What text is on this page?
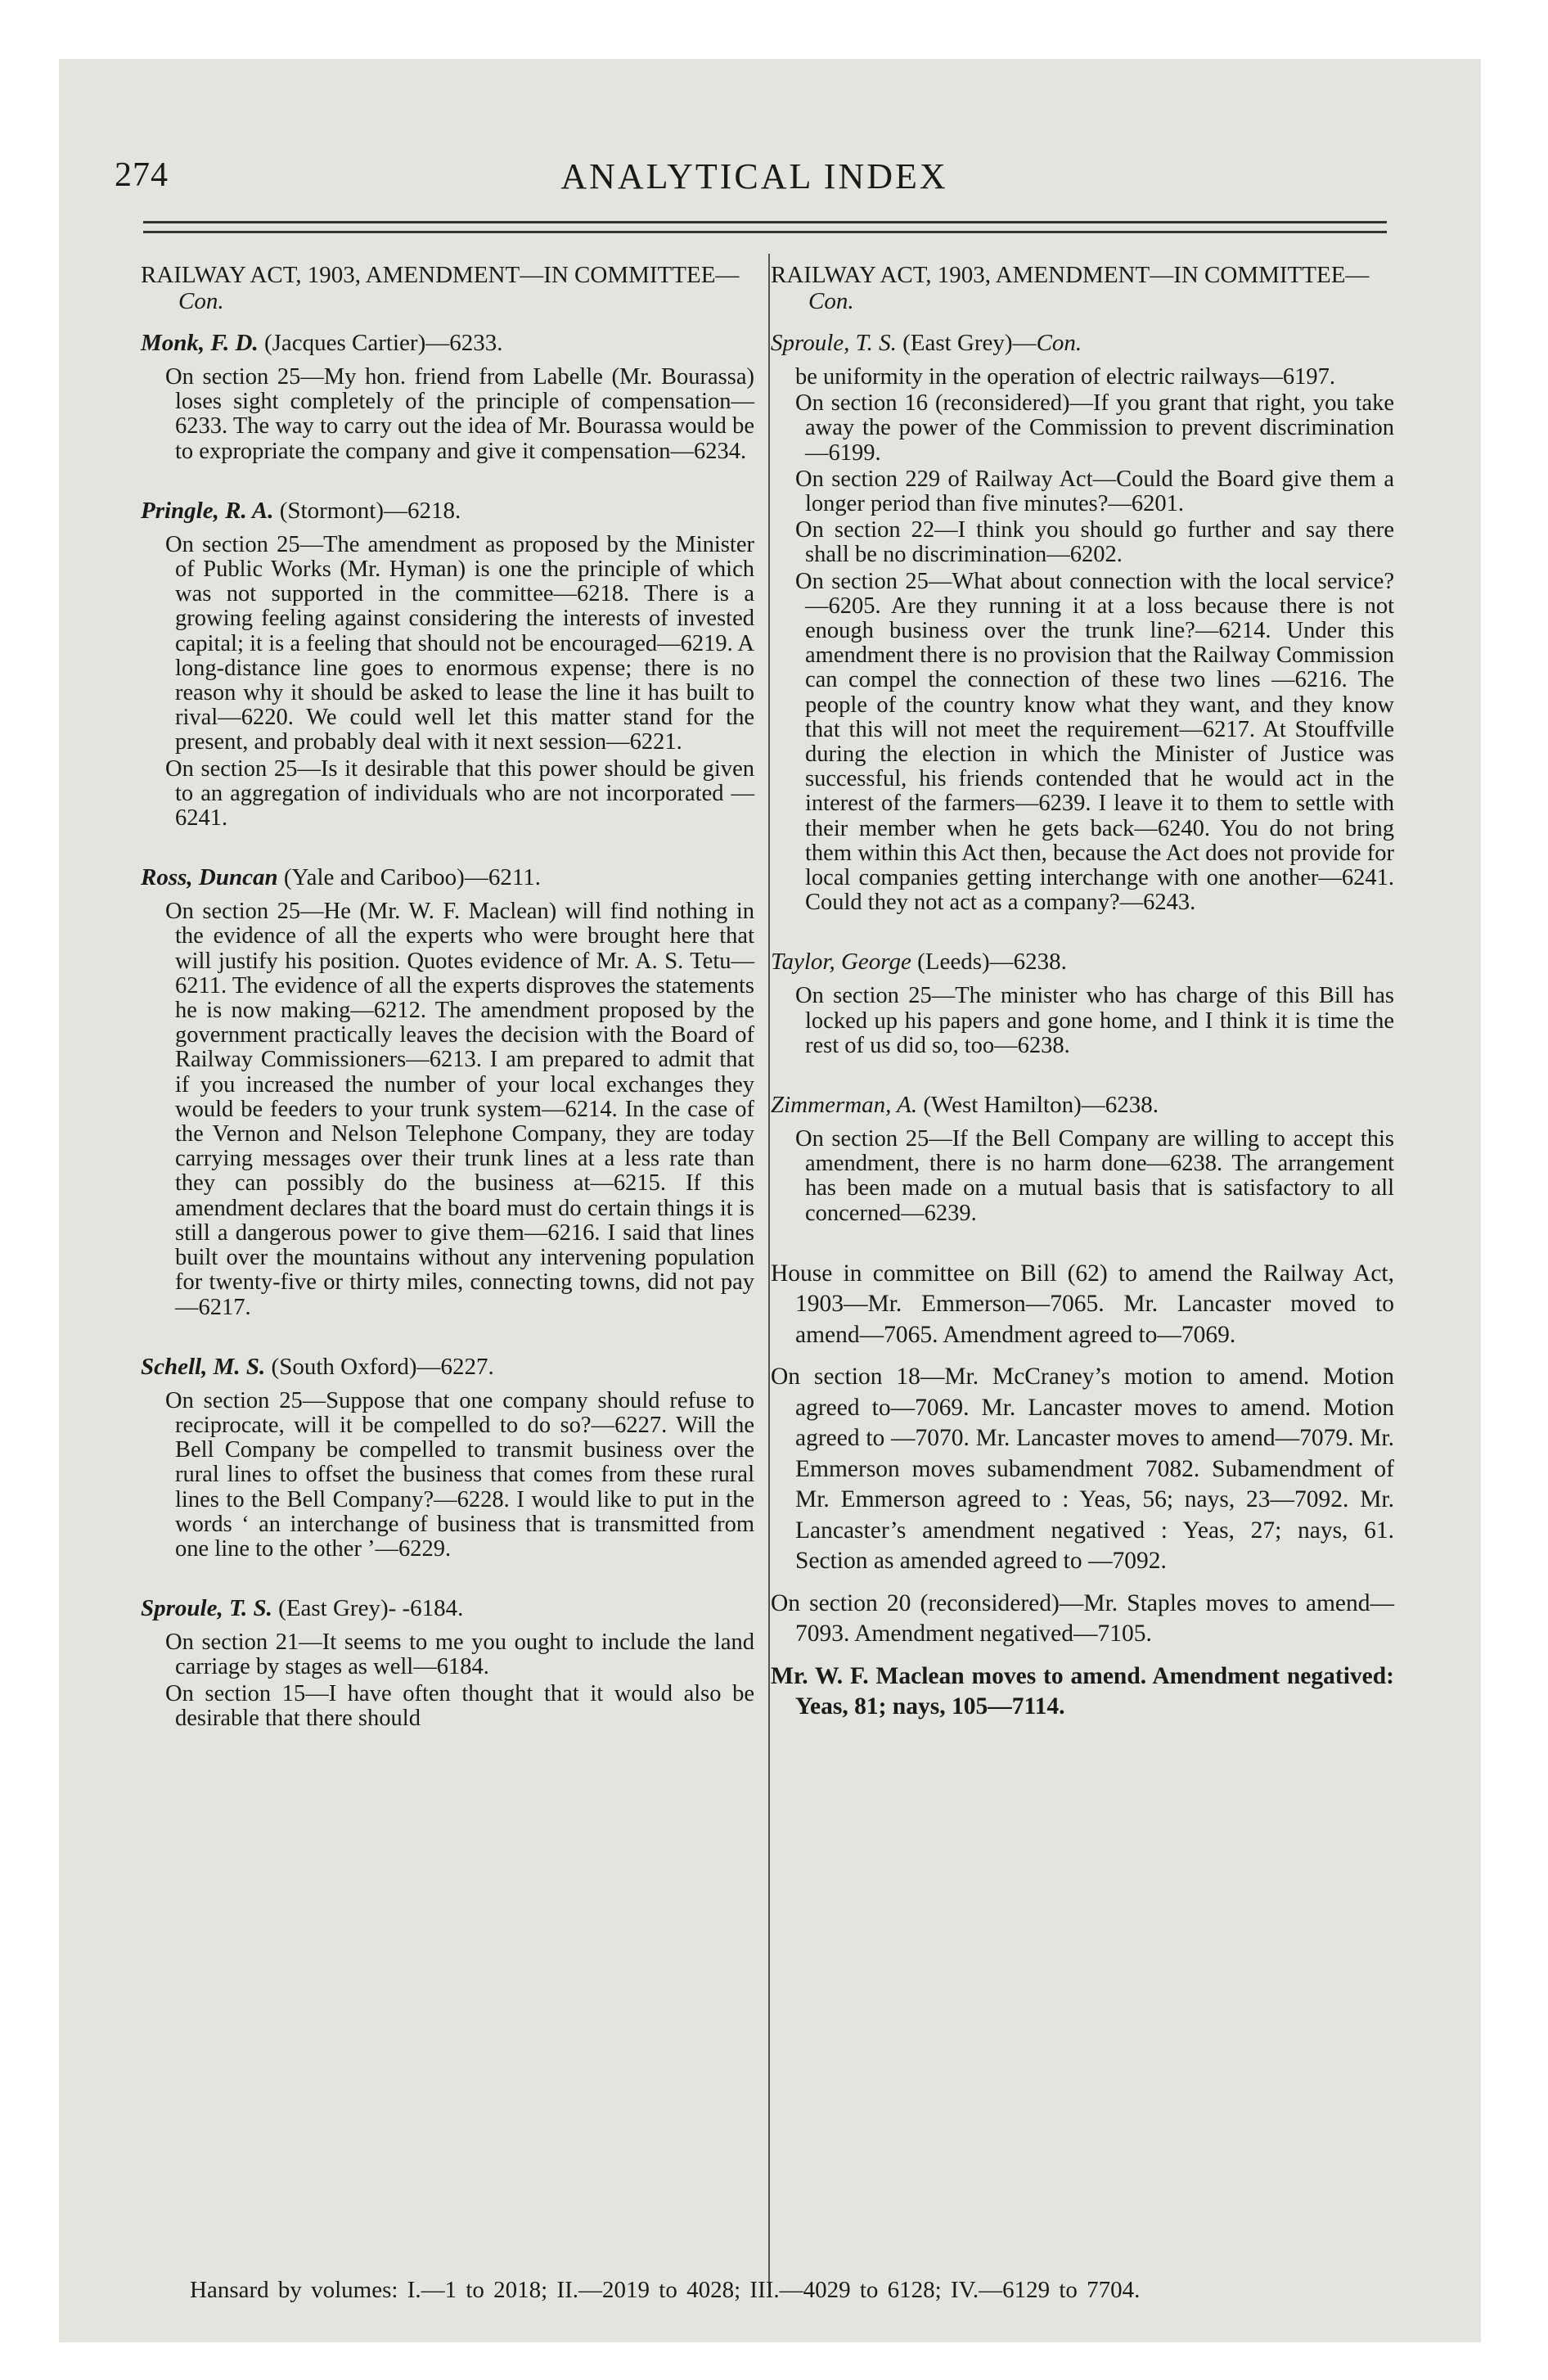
ANALYTICAL INDEX
274

RAILWAY ACT, 1903, AMENDMENT—IN COMMITTEE—Con.

Monk, F. D. (Jacques Cartier)—6233.

On section 25—My hon. friend from Labelle (Mr. Bourassa) loses sight completely of the principle of compensation—6233. The way to carry out the idea of Mr. Bourassa would be to expropriate the company and give it compensation—6234.

Pringle, R. A. (Stormont)—6218.

On section 25—The amendment as proposed by the Minister of Public Works (Mr. Hyman) is one the principle of which was not supported in the committee—6218. There is a growing feeling against considering the interests of invested capital; it is a feeling that should not be encouraged—6219. A long-distance line goes to enormous expense; there is no reason why it should be asked to lease the line it has built to rival—6220. We could well let this matter stand for the present, and probably deal with it next session—6221.

On section 25—Is it desirable that this power should be given to an aggregation of individuals who are not incorporated —6241.

Ross, Duncan (Yale and Cariboo)—6211.

On section 25—He (Mr. W. F. Maclean) will find nothing in the evidence of all the experts who were brought here that will justify his position. Quotes evidence of Mr. A. S. Tetu—6211. The evidence of all the experts disproves the statements he is now making—6212. The amendment proposed by the government practically leaves the decision with the Board of Railway Commissioners—6213. I am prepared to admit that if you increased the number of your local exchanges they would be feeders to your trunk system—6214. In the case of the Vernon and Nelson Telephone Company, they are today carrying messages over their trunk lines at a less rate than they can possibly do the business at—6215. If this amendment declares that the board must do certain things it is still a dangerous power to give them—6216. I said that lines built over the mountains without any intervening population for twenty-five or thirty miles, connecting towns, did not pay—6217.

Schell, M. S. (South Oxford)—6227.

On section 25—Suppose that one company should refuse to reciprocate, will it be compelled to do so?—6227. Will the Bell Company be compelled to transmit business over the rural lines to offset the business that comes from these rural lines to the Bell Company?—6228. I would like to put in the words ‘ an interchange of business that is transmitted from one line to the other ’—6229.

Sproule, T. S. (East Grey)- -6184.

On section 21—It seems to me you ought to include the land carriage by stages as well—6184.

On section 15—I have often thought that it would also be desirable that there should

RAILWAY ACT, 1903, AMENDMENT—IN COMMITTEE—Con.

Sproule, T. S. (East Grey)—Con.

be uniformity in the operation of electric railways—6197.

On section 16 (reconsidered)—If you grant that right, you take away the power of the Commission to prevent discrimination —6199.

On section 229 of Railway Act—Could the Board give them a longer period than five minutes?—6201.

On section 22—I think you should go further and say there shall be no discrimination—6202.

On section 25—What about connection with the local service?—6205. Are they running it at a loss because there is not enough business over the trunk line?—6214. Under this amendment there is no provision that the Railway Commission can compel the connection of these two lines —6216. The people of the country know what they want, and they know that this will not meet the requirement—6217. At Stouffville during the election in which the Minister of Justice was successful, his friends contended that he would act in the interest of the farmers—6239. I leave it to them to settle with their member when he gets back—6240. You do not bring them within this Act then, because the Act does not provide for local companies getting interchange with one another—6241. Could they not act as a company?—6243.

Taylor, George (Leeds)—6238.

On section 25—The minister who has charge of this Bill has locked up his papers and gone home, and I think it is time the rest of us did so, too—6238.

Zimmerman, A. (West Hamilton)—6238.

On section 25—If the Bell Company are willing to accept this amendment, there is no harm done—6238. The arrangement has been made on a mutual basis that is satisfactory to all concerned—6239.

House in committee on Bill (62) to amend the Railway Act, 1903—Mr. Emmerson—7065. Mr. Lancaster moved to amend—7065. Amendment agreed to—7069.

On section 18—Mr. McCraney’s motion to amend. Motion agreed to—7069. Mr. Lancaster moves to amend. Motion agreed to —7070. Mr. Lancaster moves to amend—7079. Mr. Emmerson moves subamendment 7082. Subamendment of Mr. Emmerson agreed to : Yeas, 56; nays, 23—7092. Mr. Lancaster’s amendment negatived : Yeas, 27; nays, 61. Section as amended agreed to —7092.

On section 20 (reconsidered)—Mr. Staples moves to amend—7093. Amendment negatived—7105.

Mr. W. F. Maclean moves to amend. Amendment negatived: Yeas, 81; nays, 105—7114.

Hansard by volumes: I.—1 to 2018; II.—2019 to 4028; III.—4029 to 6128; IV.—6129 to 7704.
